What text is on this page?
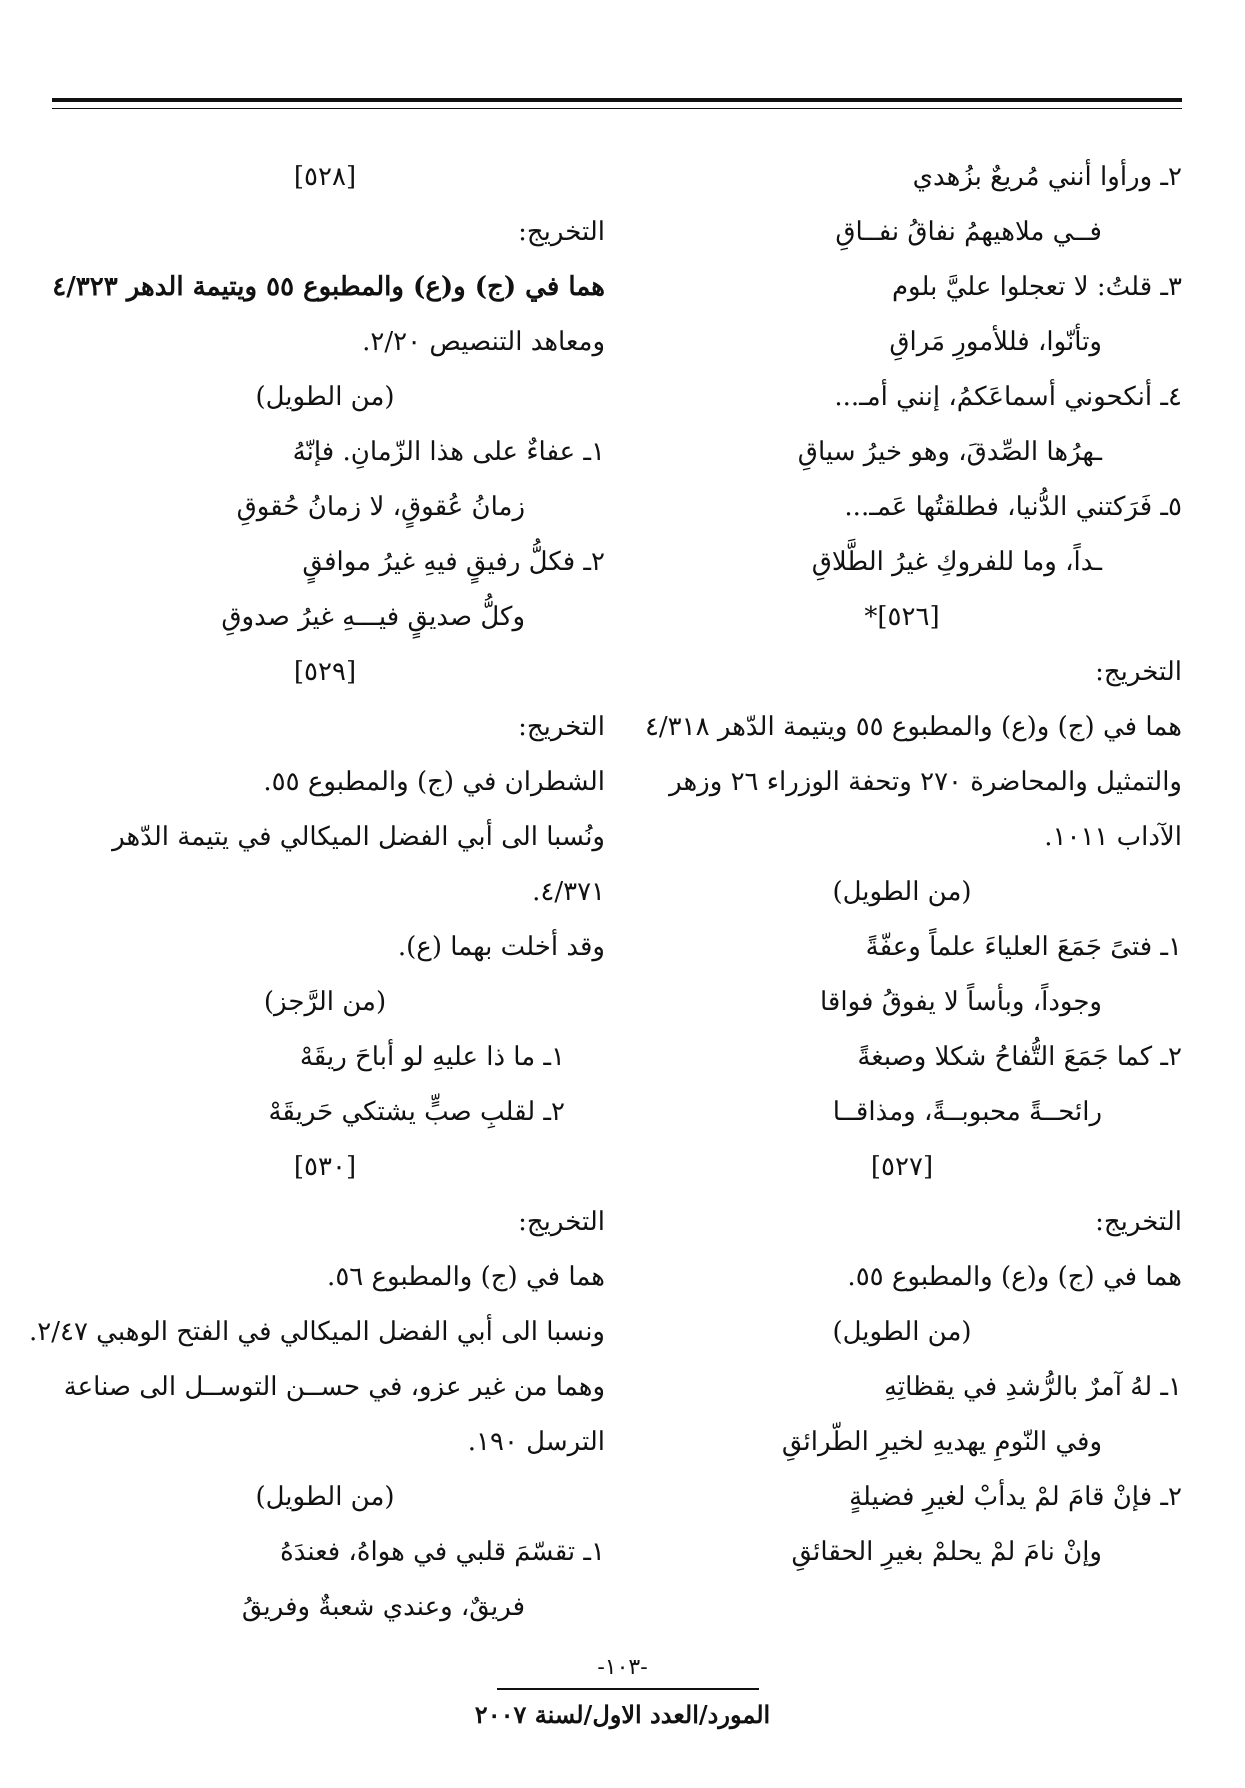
٢ـ ورأوا أنني مُريعٌ بزُهدي
فــي ملاهيهمُ نفاقُ نفــاقِ
٣ـ قلتُ: لا تعجلوا عليَّ بلوم
وتأنّوا، فللأمورِ مَراقِ
٤ـ أنكحوني أسماعَكمُ، إنني أمـ...
ـهرُها الصِّدقَ، وهو خيرُ سياقِ
٥ـ فَرَكتني الدُّنيا، فطلقتُها عَمـ...
ـداً، وما للفروكِ غيرُ الطَّلاقِ
[٥٢٦]*
التخريج:
هما في (ج) و(ع) والمطبوع ٥٥ ويتيمة الدّهر ٤/٣١٨
والتمثيل والمحاضرة ٢٧٠ وتحفة الوزراء ٢٦ وزهر
الآداب ١٠١١.
(من الطويل)
١ـ فتىً جَمَعَ العلياءَ علماً وعفّةً
وجوداً، وبأساً لا يفوقُ فواقا
٢ـ كما جَمَعَ التُّفاحُ شكلا وصبغةً
رائحــةً محبوبــةً، ومذاقــا
[٥٢٧]
التخريج:
هما في (ج) و(ع) والمطبوع ٥٥.
(من الطويل)
١ـ لهُ آمرٌ بالرُّشدِ في يقظاتِهِ
وفي النّومِ يهديهِ لخيرِ الطّرائقِ
٢ـ فإنْ قامَ لمْ يدأبْ لغيرِ فضيلةٍ
وإنْ نامَ لمْ يحلمْ بغيرِ الحقائقِ
[٥٢٨]
التخريج:
هما في (ج) و(ع) والمطبوع ٥٥ ويتيمة الدهر ٤/٣٢٣
ومعاهد التنصيص ٢/٢٠.
(من الطويل)
١ـ عفاءٌ على هذا الزّمانِ. فإنّهُ
زمانُ عُقوقٍ، لا زمانُ حُقوقِ
٢ـ فكلُّ رفيقٍ فيهِ غيرُ موافقٍ
وكلُّ صديقٍ فيـــهِ غيرُ صدوقِ
[٥٢٩]
التخريج:
الشطران في (ج) والمطبوع ٥٥.
ونُسبا الى أبي الفضل الميكالي في يتيمة الدّهر
٤/٣٧١.
وقد أخلت بهما (ع).
(من الرَّجز)
١ـ ما ذا عليهِ لو أباحَ ريقَهْ
٢ـ لقلبِ صبٍّ يشتكي حَريقَهْ
[٥٣٠]
التخريج:
هما في (ج) والمطبوع ٥٦.
ونسبا الى أبي الفضل الميكالي في الفتح الوهبي ٢/٤٧.
وهما من غير عزو، في حســن التوســل الى صناعة
الترسل ١٩٠.
(من الطويل)
١ـ تقسّمَ قلبي في هواهُ، فعندَهُ
فريقٌ، وعندي شعبةٌ وفريقُ
-١٠٣-
المورد/العدد الاول/لسنة ٢٠٠٧
